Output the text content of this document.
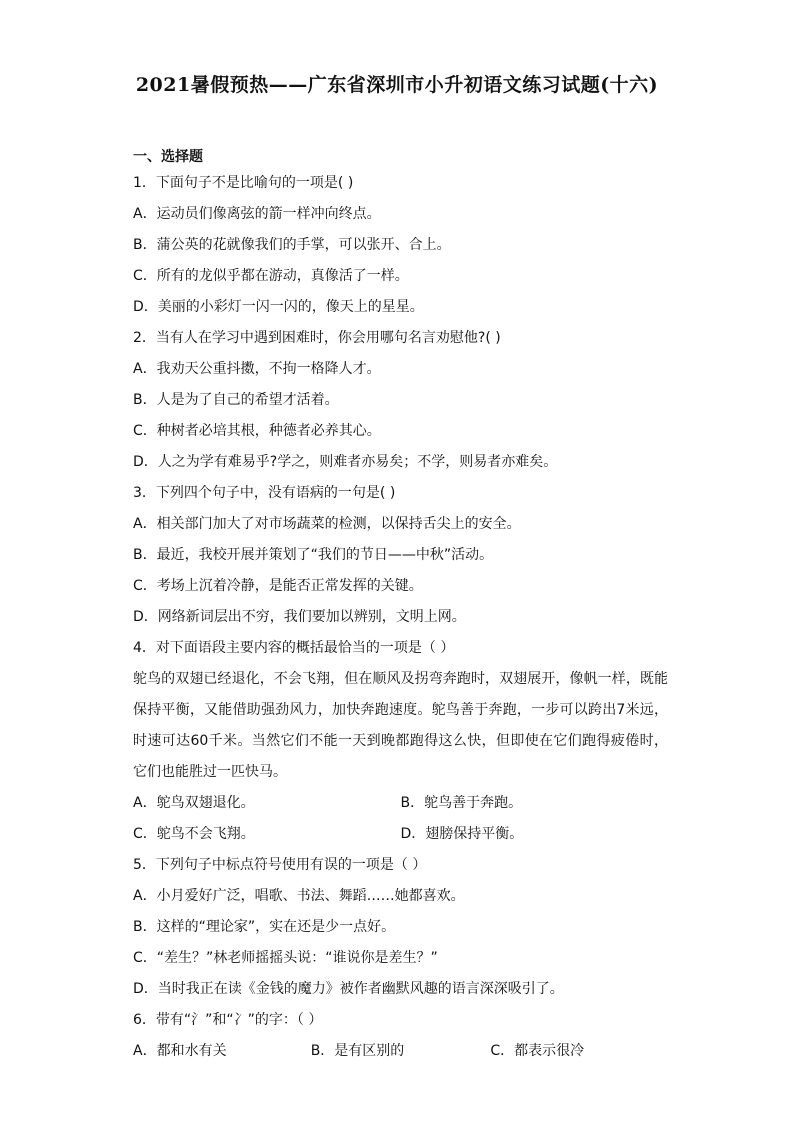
2021暑假预热——广东省深圳市小升初语文练习试题(十六)
一、选择题
1．下面句子不是比喻句的一项是( )
A．运动员们像离弦的箭一样冲向终点。
B．蒲公英的花就像我们的手掌，可以张开、合上。
C．所有的龙似乎都在游动，真像活了一样。
D．美丽的小彩灯一闪一闪的，像天上的星星。
2．当有人在学习中遇到困难时，你会用哪句名言劝慰他?( )
A．我劝天公重抖擞，不拘一格降人才。
B．人是为了自己的希望才活着。
C．种树者必培其根，种德者必养其心。
D．人之为学有难易乎?学之，则难者亦易矣；不学，则易者亦难矣。
3．下列四个句子中，没有语病的一句是( )
A．相关部门加大了对市场蔬菜的检测，以保持舌尖上的安全。
B．最近，我校开展并策划了“我们的节日——中秋”活动。
C．考场上沉着冷静，是能否正常发挥的关键。
D．网络新词层出不穷，我们要加以辨别，文明上网。
4．对下面语段主要内容的概括最恰当的一项是（ ）
鸵鸟的双翅已经退化，不会飞翔，但在顺风及拐弯奔跑时，双翅展开，像帆一样，既能保持平衡，又能借助强劲风力，加快奔跑速度。鸵鸟善于奔跑，一步可以跨出7米远，时速可达60千米。当然它们不能一天到晚都跑得这么快，但即使在它们跑得疲倦时，它们也能胜过一匹快马。
A．鸵鸟双翅退化。	B．鸵鸟善于奔跑。
C．鸵鸟不会飞翔。	D．翅膀保持平衡。
5．下列句子中标点符号使用有误的一项是（ ）
A．小月爱好广泛，唱歌、书法、舞蹈……她都喜欢。
B．这样的“理论家”，实在还是少一点好。
C．“差生？”林老师摇摇头说：“谁说你是差生？”
D．当时我正在读《金钱的魔力》被作者幽默风趣的语言深深吸引了。
6．带有“氵”和“冫”的字：（ ）
A．都和水有关	B．是有区别的	C．都表示很冷
